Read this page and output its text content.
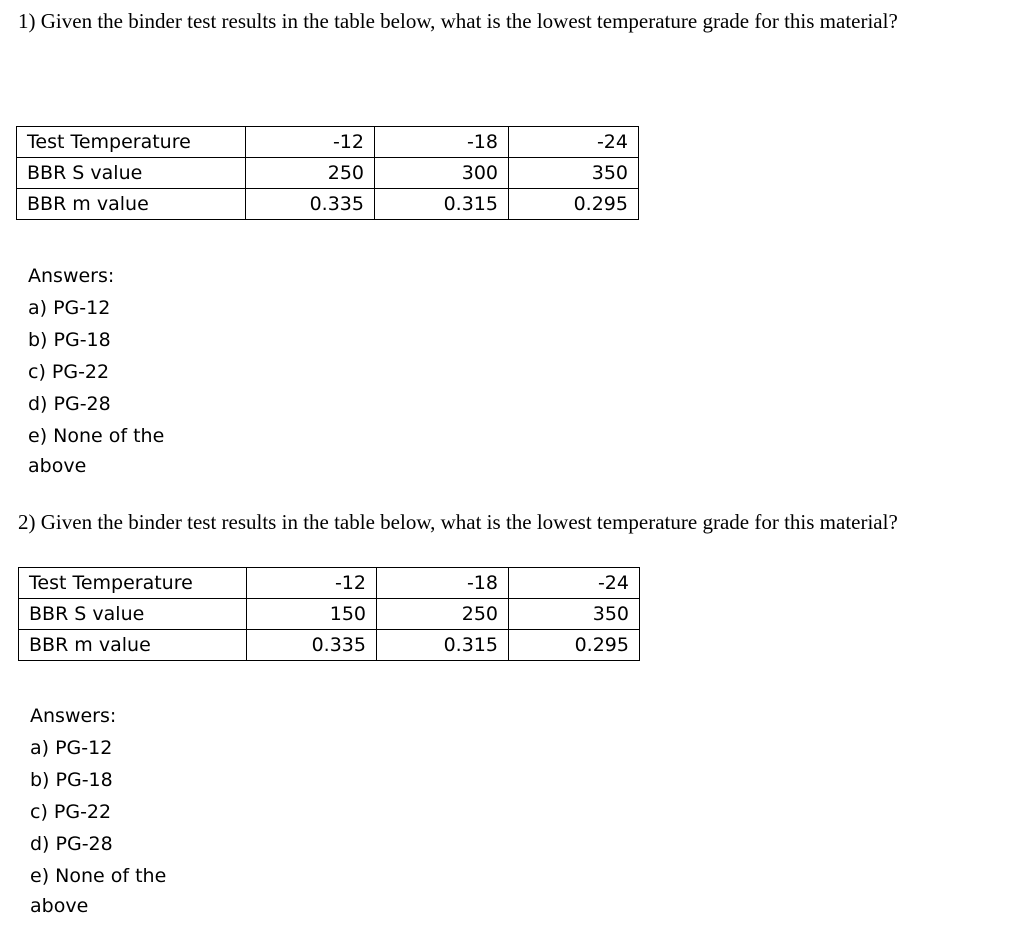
1) Given the binder test results in the table below, what is the lowest temperature grade for this material?
Test Temperature	-12	-18	-24
BBR S value	250	300	350
BBR m value	0.335	0.315	0.295
Answers:
a) PG-12
b) PG-18
c) PG-22
d) PG-28
e) None of the
above
2) Given the binder test results in the table below, what is the lowest temperature grade for this material?
Test Temperature	-12	-18	-24
BBR S value	150	250	350
BBR m value	0.335	0.315	0.295
Answers:
a) PG-12
b) PG-18
c) PG-22
d) PG-28
e) None of the
above
